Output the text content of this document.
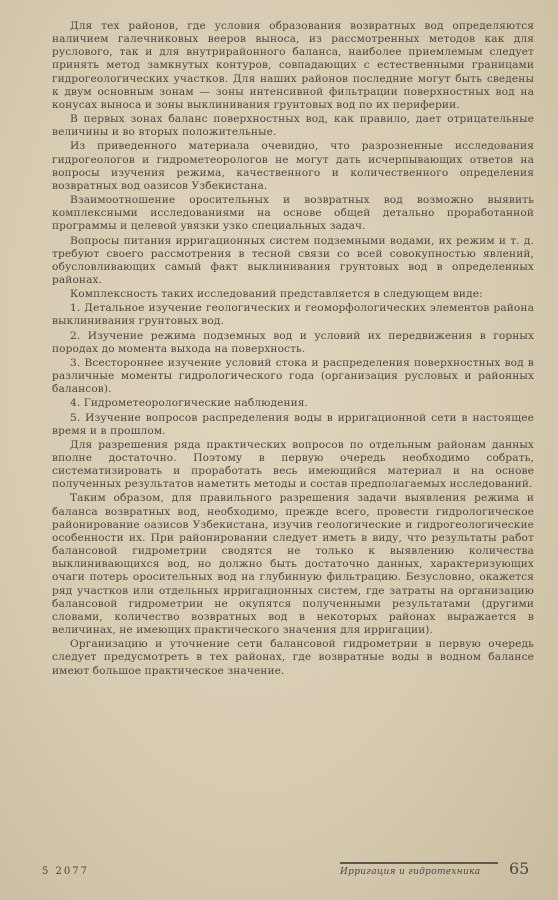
Для тех районов, где условия образования возвратных вод определяются наличием галечниковых вееров выноса, из рассмотренных методов как для руслового, так и для внутрирайонного баланса, наиболее приемлемым следует принять метод замкнутых контуров, совпадающих с естественными границами гидрогеологических участков. Для наших районов последние могут быть сведены к двум основным зонам — зоны интенсивной фильтрации поверхностных вод на конусах выноса и зоны выклинивания грунтовых вод по их периферии.

В первых зонах баланс поверхностных вод, как правило, дает отрицательные величины и во вторых положительные.

Из приведенного материала очевидно, что разрозненные исследования гидрогеологов и гидрометеорологов не могут дать исчерпывающих ответов на вопросы изучения режима, качественного и количественного определения возвратных вод оазисов Узбекистана.

Взаимоотношение оросительных и возвратных вод возможно выявить комплексными исследованиями на основе общей детально проработанной программы и целевой увязки узко специальных задач.

Вопросы питания ирригационных систем подземными водами, их режим и т. д. требуют своего рассмотрения в тесной связи со всей совокупностью явлений, обусловливающих самый факт выклинивания грунтовых вод в определенных районах.

Комплексность таких исследований представляется в следующем виде:

1. Детальное изучение геологических и геоморфологических элементов района выклинивания грунтовых вод.

2. Изучение режима подземных вод и условий их передвижения в горных породах до момента выхода на поверхность.

3. Всестороннее изучение условий стока и распределения поверхностных вод в различные моменты гидрологического года (организация русловых и районных балансов).

4. Гидрометеорологические наблюдения.

5. Изучение вопросов распределения воды в ирригационной сети в настоящее время и в прошлом.

Для разрешения ряда практических вопросов по отдельным районам данных вполне достаточно. Поэтому в первую очередь необходимо собрать, систематизировать и проработать весь имеющийся материал и на основе полученных результатов наметить методы и состав предполагаемых исследований.

Таким образом, для правильного разрешения задачи выявления режима и баланса возвратных вод, необходимо, прежде всего, провести гидрологическое районирование оазисов Узбекистана, изучив геологические и гидрогеологические особенности их. При районировании следует иметь в виду, что результаты работ балансовой гидрометрии сводятся не только к выявлению количества выклинивающихся вод, но должно быть достаточно данных, характеризующих очаги потерь оросительных вод на глубинную фильтрацию. Безусловно, окажется ряд участков или отдельных ирригационных систем, где затраты на организацию балансовой гидрометрии не окупятся полученными результатами (другими словами, количество возвратных вод в некоторых районах выражается в величинах, не имеющих практического значения для ирригации).

Организацию и уточнение сети балансовой гидрометрии в первую очередь следует предусмотреть в тех районах, где возвратные воды в водном балансе имеют большое практическое значение.

5 2077	Ирригация и гидротехника 65
